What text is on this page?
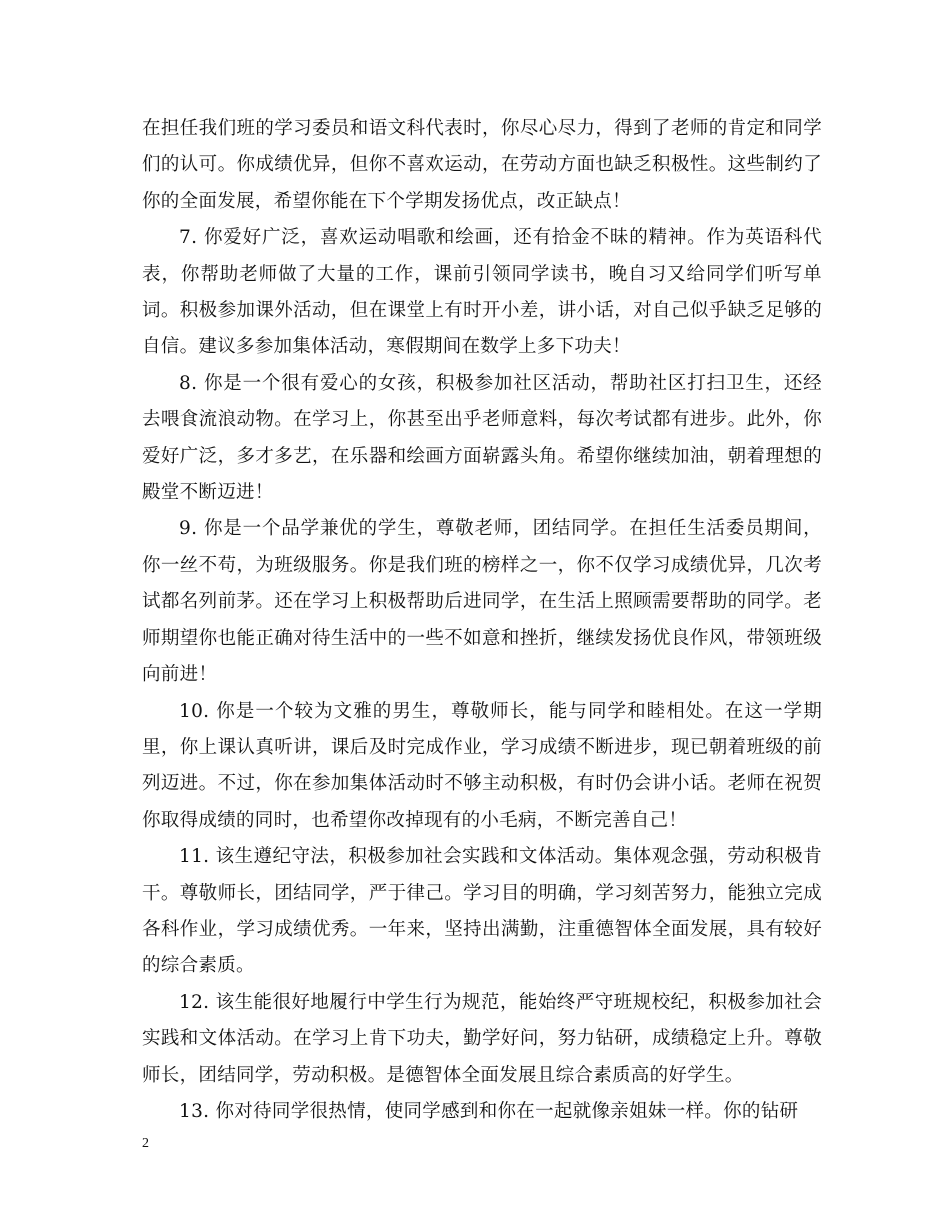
在担任我们班的学习委员和语文科代表时，你尽心尽力，得到了老师的肯定和同学们的认可。你成绩优异，但你不喜欢运动，在劳动方面也缺乏积极性。这些制约了你的全面发展，希望你能在下个学期发扬优点，改正缺点！

7. 你爱好广泛，喜欢运动唱歌和绘画，还有拾金不昧的精神。作为英语科代表，你帮助老师做了大量的工作，课前引领同学读书，晚自习又给同学们听写单词。积极参加课外活动，但在课堂上有时开小差，讲小话，对自己似乎缺乏足够的自信。建议多参加集体活动，寒假期间在数学上多下功夫！

8. 你是一个很有爱心的女孩，积极参加社区活动，帮助社区打扫卫生，还经去喂食流浪动物。在学习上，你甚至出乎老师意料，每次考试都有进步。此外，你爱好广泛，多才多艺，在乐器和绘画方面崭露头角。希望你继续加油，朝着理想的殿堂不断迈进！

9. 你是一个品学兼优的学生，尊敬老师，团结同学。在担任生活委员期间，你一丝不苟，为班级服务。你是我们班的榜样之一，你不仅学习成绩优异，几次考试都名列前茅。还在学习上积极帮助后进同学，在生活上照顾需要帮助的同学。老师期望你也能正确对待生活中的一些不如意和挫折，继续发扬优良作风，带领班级向前进！

10. 你是一个较为文雅的男生，尊敬师长，能与同学和睦相处。在这一学期里，你上课认真听讲，课后及时完成作业，学习成绩不断进步，现已朝着班级的前列迈进。不过，你在参加集体活动时不够主动积极，有时仍会讲小话。老师在祝贺你取得成绩的同时，也希望你改掉现有的小毛病，不断完善自己！

11. 该生遵纪守法，积极参加社会实践和文体活动。集体观念强，劳动积极肯干。尊敬师长，团结同学，严于律己。学习目的明确，学习刻苦努力，能独立完成各科作业，学习成绩优秀。一年来，坚持出满勤，注重德智体全面发展，具有较好的综合素质。

12. 该生能很好地履行中学生行为规范，能始终严守班规校纪，积极参加社会实践和文体活动。在学习上肯下功夫，勤学好问，努力钻研，成绩稳定上升。尊敬师长，团结同学，劳动积极。是德智体全面发展且综合素质高的好学生。

13. 你对待同学很热情，使同学感到和你在一起就像亲姐妹一样。你的钻研

2
